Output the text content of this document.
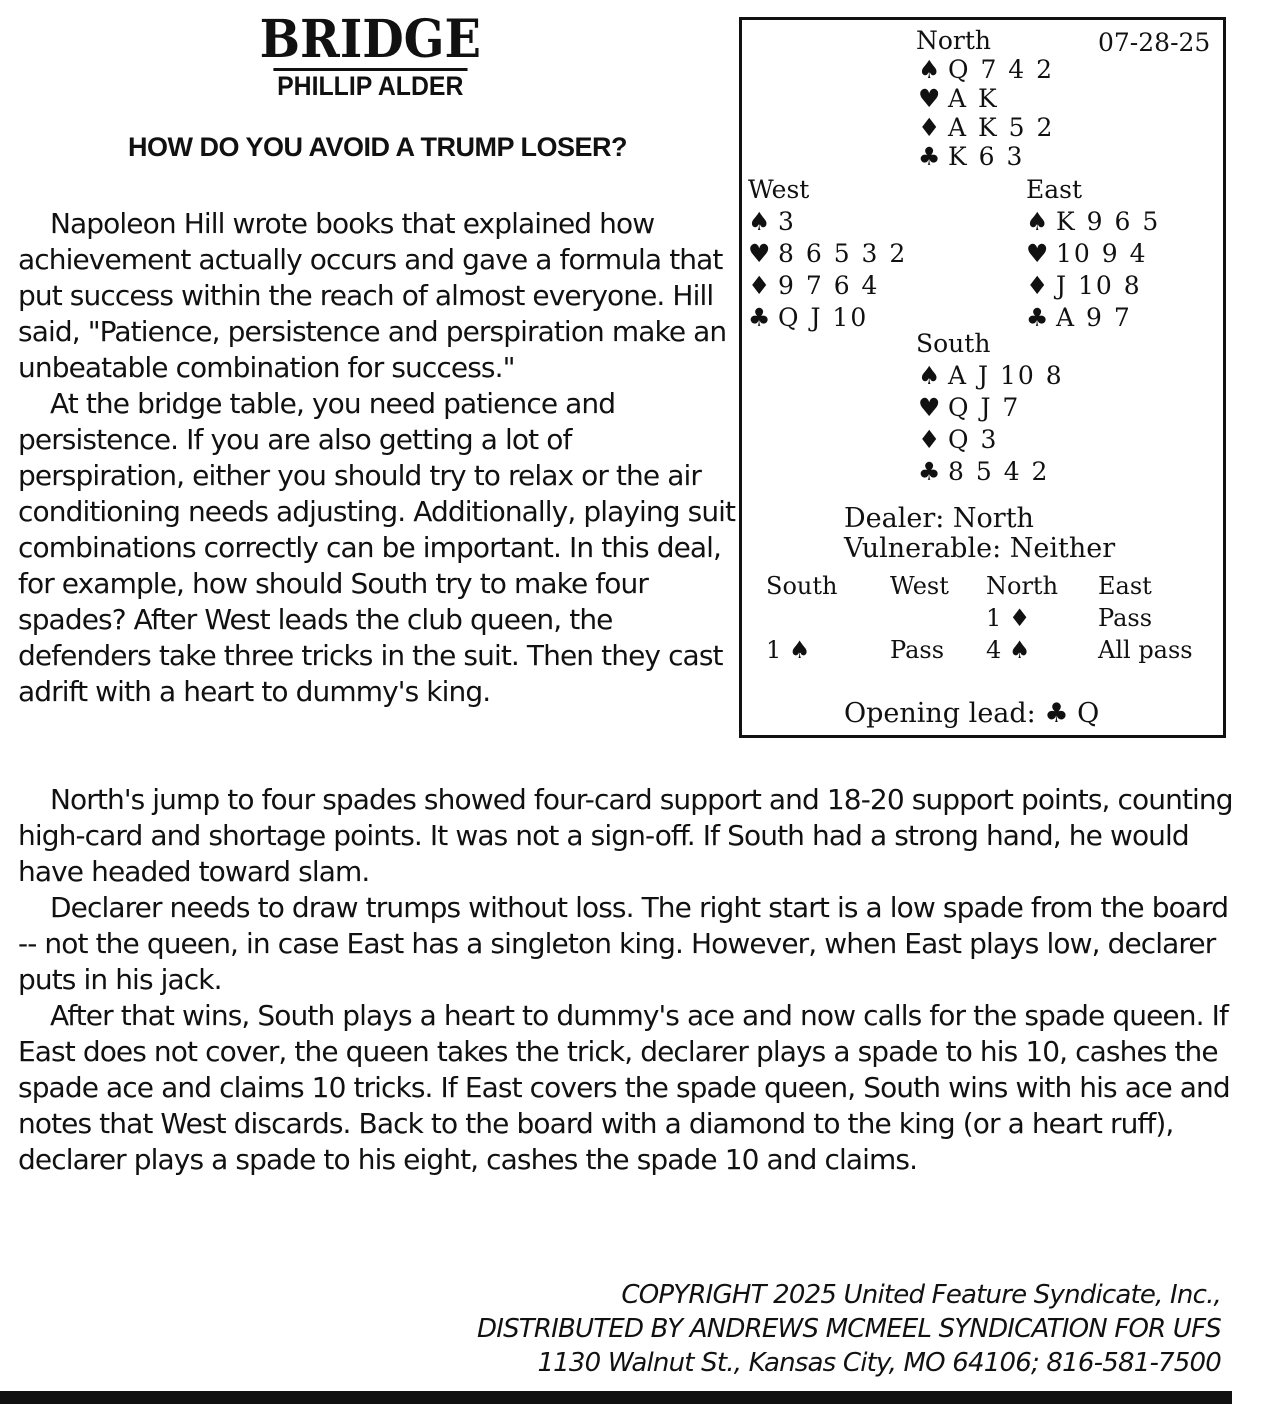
BRIDGE
PHILLIP ALDER
HOW DO YOU AVOID A TRUMP LOSER?

Napoleon Hill wrote books that explained how achievement actually occurs and gave a formula that put success within the reach of almost everyone. Hill said, "Patience, persistence and perspiration make an unbeatable combination for success."

At the bridge table, you need patience and persistence. If you are also getting a lot of perspiration, either you should try to relax or the air conditioning needs adjusting. Additionally, playing suit combinations correctly can be important. In this deal, for example, how should South try to make four spades? After West leads the club queen, the defenders take three tricks in the suit. Then they cast adrift with a heart to dummy's king.

North's jump to four spades showed four-card support and 18-20 support points, counting high-card and shortage points. It was not a sign-off. If South had a strong hand, he would have headed toward slam.

Declarer needs to draw trumps without loss. The right start is a low spade from the board -- not the queen, in case East has a singleton king. However, when East plays low, declarer puts in his jack.

After that wins, South plays a heart to dummy's ace and now calls for the spade queen. If East does not cover, the queen takes the trick, declarer plays a spade to his 10, cashes the spade ace and claims 10 tricks. If East covers the spade queen, South wins with his ace and notes that West discards. Back to the board with a diamond to the king (or a heart ruff), declarer plays a spade to his eight, cashes the spade 10 and claims.

07-28-25
North
♠ Q 7 4 2
♥ A K
♦ A K 5 2
♣ K 6 3
West
♠ 3
♥ 8 6 5 3 2
♦ 9 7 6 4
♣ Q J 10
East
♠ K 9 6 5
♥ 10 9 4
♦ J 10 8
♣ A 9 7
South
♠ A J 10 8
♥ Q J 7
♦ Q 3
♣ 8 5 4 2
Dealer: North
Vulnerable: Neither
South	West	North	East
		1 ♦	Pass
1 ♠	Pass	4 ♠	All pass
Opening lead: ♣ Q
COPYRIGHT 2025 United Feature Syndicate, Inc.,
DISTRIBUTED BY ANDREWS MCMEEL SYNDICATION FOR UFS
1130 Walnut St., Kansas City, MO 64106; 816-581-7500
